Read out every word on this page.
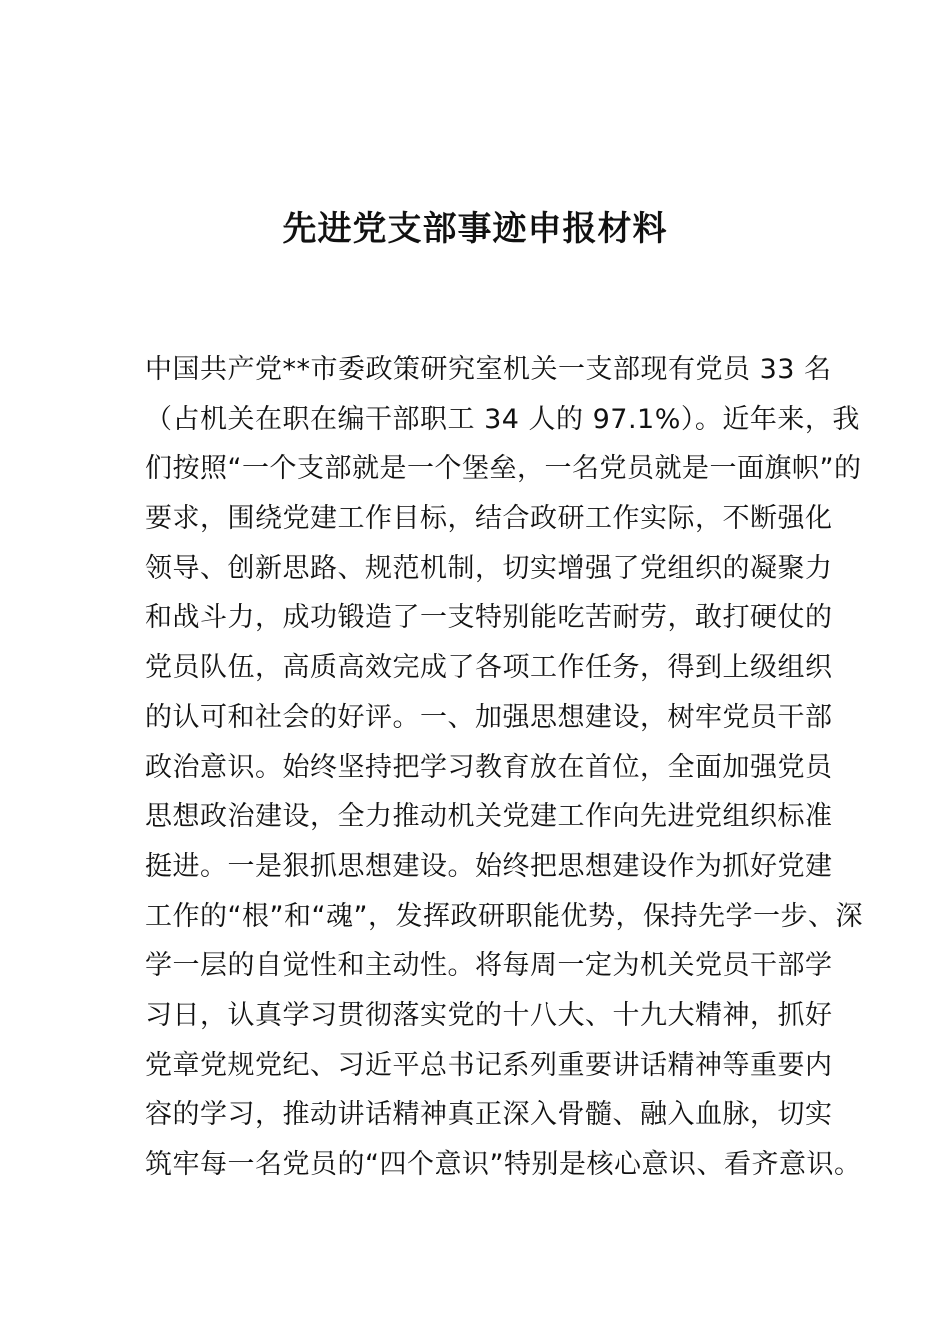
先进党支部事迹申报材料
中国共产党**市委政策研究室机关一支部现有党员 33 名
（占机关在职在编干部职工 34 人的 97.1%）。近年来，我
们按照“一个支部就是一个堡垒，一名党员就是一面旗帜”的
要求，围绕党建工作目标，结合政研工作实际，不断强化
领导、创新思路、规范机制，切实增强了党组织的凝聚力
和战斗力，成功锻造了一支特别能吃苦耐劳，敢打硬仗的
党员队伍，高质高效完成了各项工作任务，得到上级组织
的认可和社会的好评。一、加强思想建设，树牢党员干部
政治意识。始终坚持把学习教育放在首位，全面加强党员
思想政治建设，全力推动机关党建工作向先进党组织标准
挺进。一是狠抓思想建设。始终把思想建设作为抓好党建
工作的“根”和“魂”，发挥政研职能优势，保持先学一步、深
学一层的自觉性和主动性。将每周一定为机关党员干部学
习日，认真学习贯彻落实党的十八大、十九大精神，抓好
党章党规党纪、习近平总书记系列重要讲话精神等重要内
容的学习，推动讲话精神真正深入骨髓、融入血脉，切实
筑牢每一名党员的“四个意识”特别是核心意识、看齐意识。
